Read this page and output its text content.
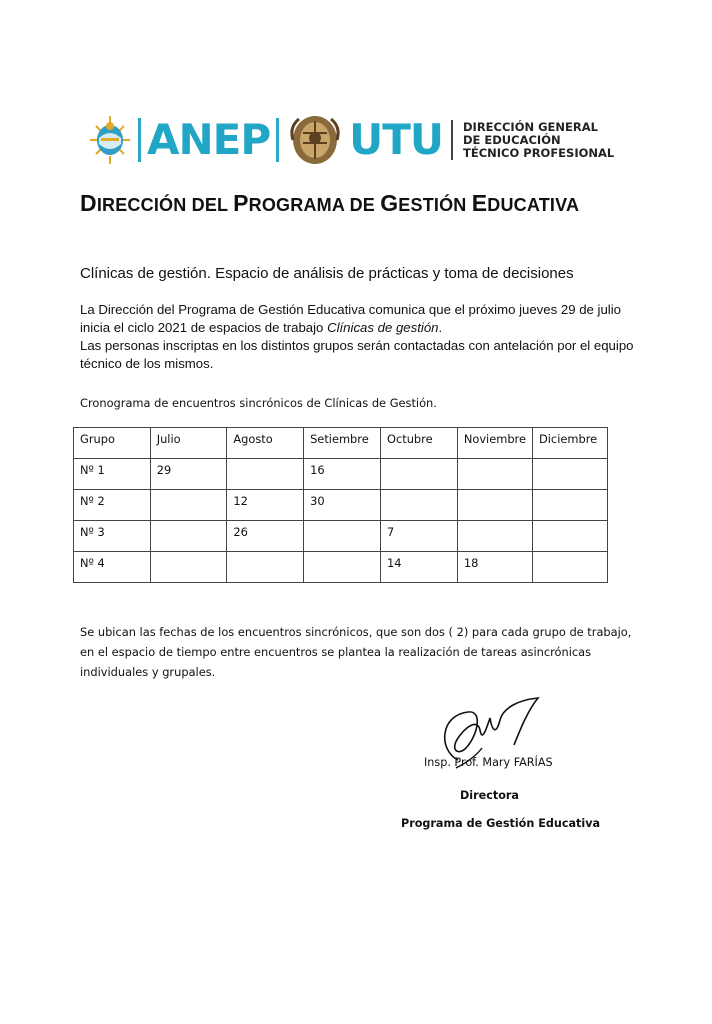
ANEP UTU DIRECCIÓN GENERAL
DE EDUCACIÓN
TÉCNICO PROFESIONAL
DIRECCIÓN DEL PROGRAMA DE GESTIÓN EDUCATIVA
Clínicas de gestión. Espacio de análisis de prácticas y toma de decisiones

La Dirección del Programa de Gestión Educativa comunica que el próximo jueves 29 de julio inicia el ciclo 2021 de espacios de trabajo Clínicas de gestión.

Las personas inscriptas en los distintos grupos serán contactadas con antelación por el equipo técnico de los mismos.

Cronograma de encuentros sincrónicos de Clínicas de Gestión.
Grupo	Julio	Agosto	Setiembre	Octubre	Noviembre	Diciembre
Nº 1	29		16			
Nº 2		12	30			
Nº 3		26		7		
Nº 4				14	18	
Se ubican las fechas de los encuentros sincrónicos, que son dos ( 2) para cada grupo de trabajo, en el espacio de tiempo entre encuentros se plantea la realización de tareas asincrónicas individuales y grupales.
Insp. Prof. Mary FARÍAS
Directora
Programa de Gestión Educativa
